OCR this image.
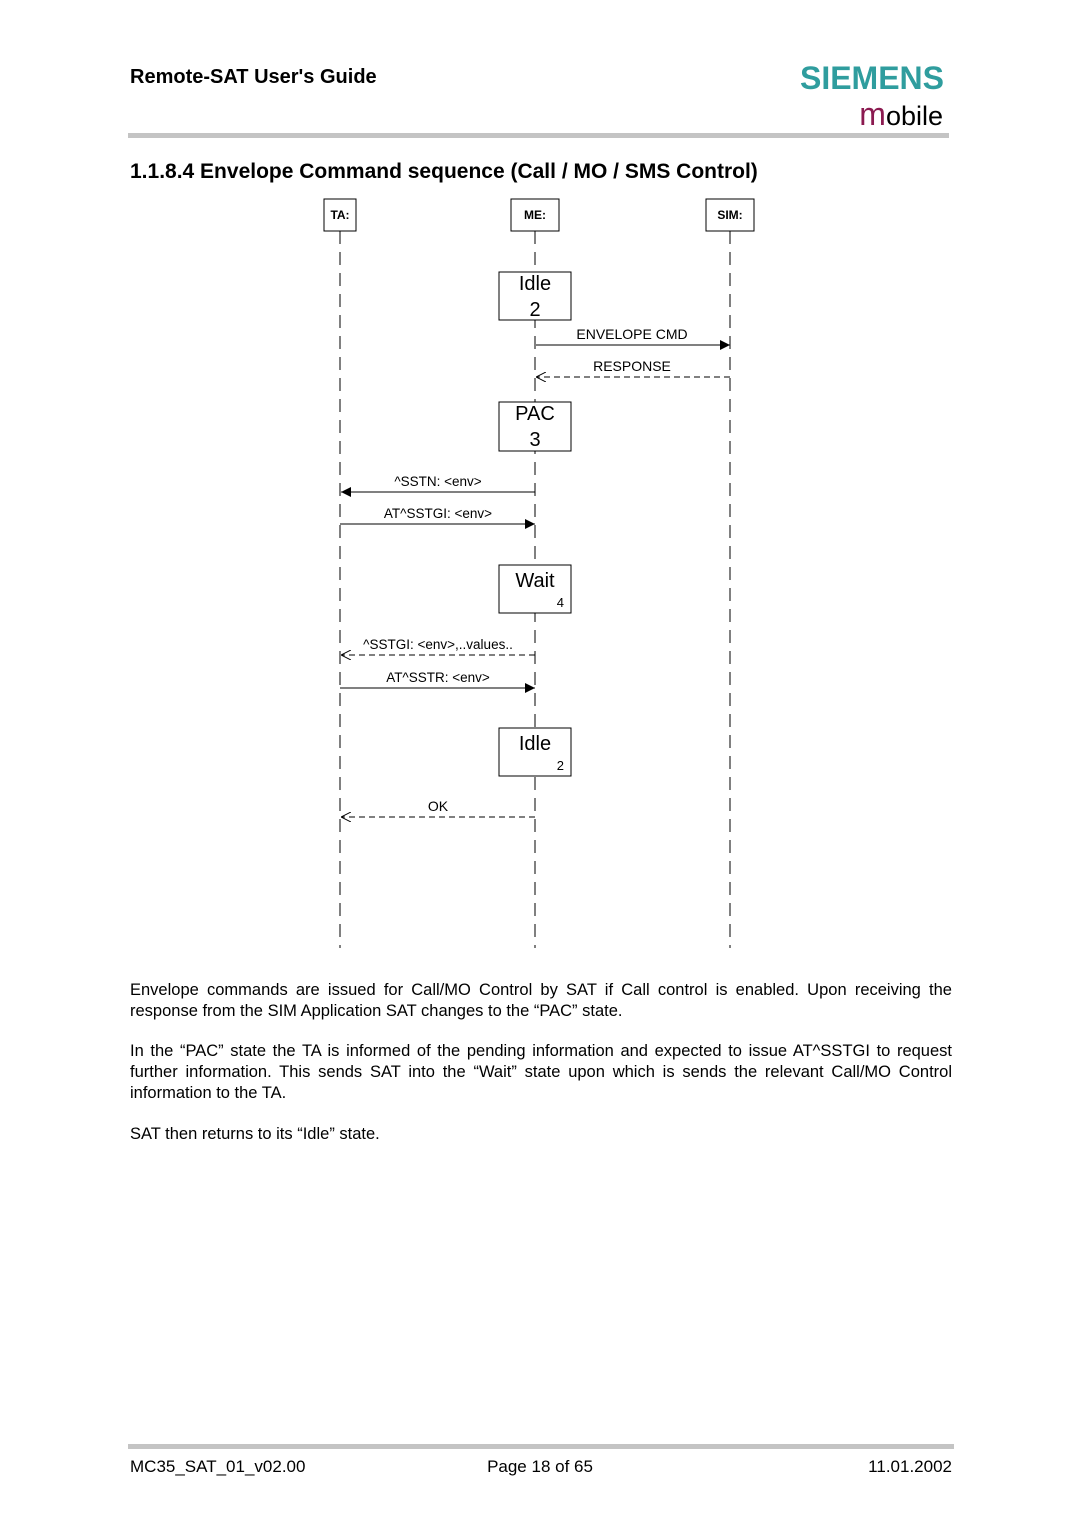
Remote-SAT User's Guide	SIEMENS
mobile
1.1.8.4 Envelope Command sequence (Call / MO / SMS Control)
TA:	ME:	SIM:
Idle
2
PAC
3
Wait
4
Idle
2
ENVELOPE CMD
RESPONSE
^SSTN: <env>
AT^SSTGI: <env>
^SSTGI: <env>,..values..
AT^SSTR: <env>
OK

Envelope commands are issued for Call/MO Control by SAT if Call control is enabled. Upon receiving the response from the SIM Application SAT changes to the “PAC” state.

In the “PAC” state the TA is informed of the pending information and expected to issue AT^SSTGI to request further information. This sends SAT into the “Wait” state upon which is sends the relevant Call/MO Control information to the TA.

SAT then returns to its “Idle” state.

MC35_SAT_01_v02.00	Page 18 of 65	11.01.2002
